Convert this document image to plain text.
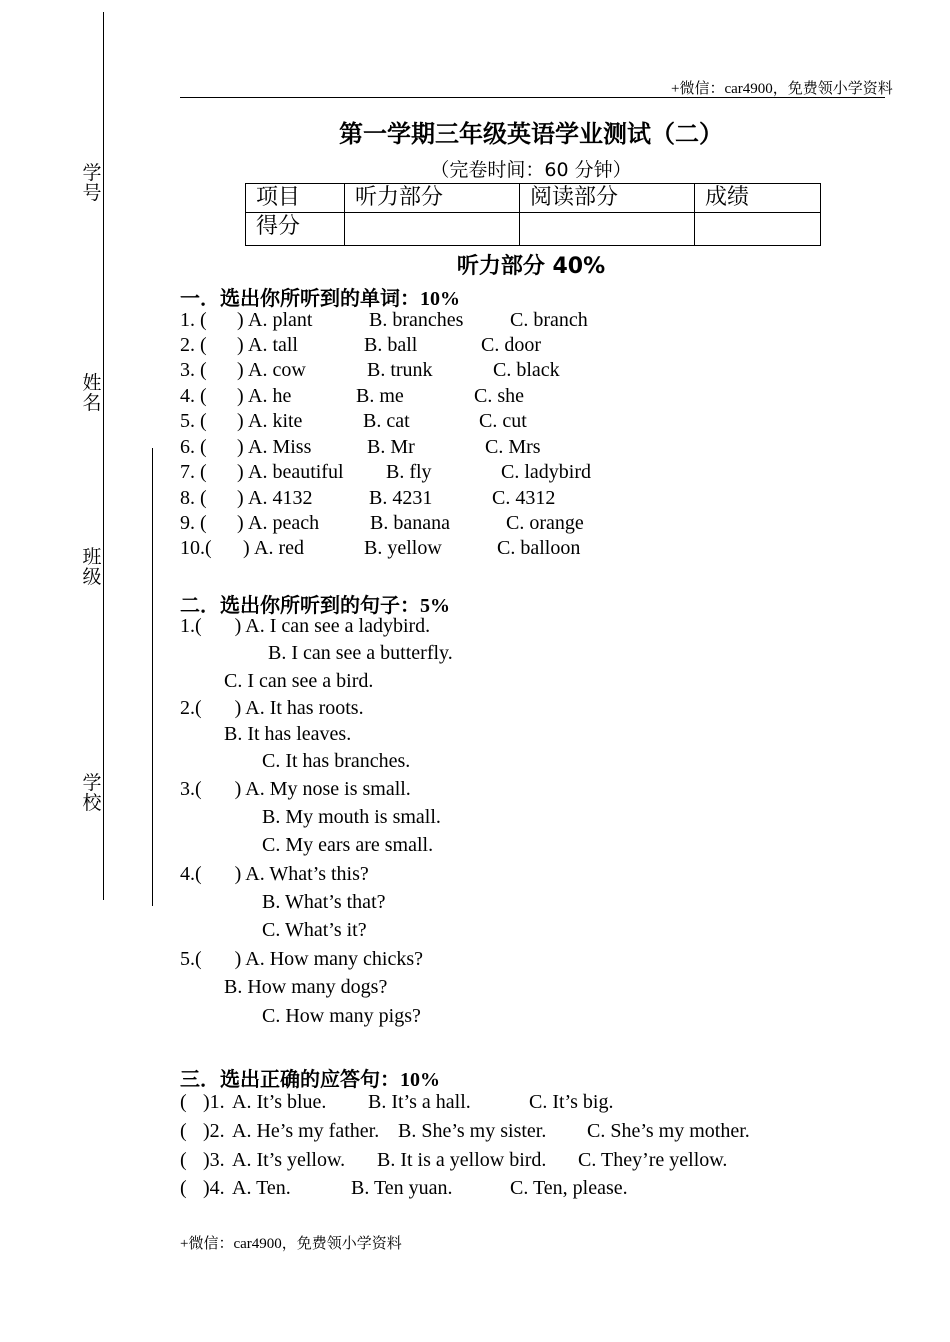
学号
姓名
班级
学校
+微信：car4900，免费领小学资料
第一学期三年级英语学业测试（二）
（完卷时间：60 分钟）
项目	听力部分	阅读部分	成绩
得分			
听力部分 40%
一．选出你所听到的单词：10%
1. ( ) A. plant	B. branches C. branch
2. ( ) A. tall	B. ball	C. door
3. ( ) A. cow	B. trunk	C. black
4. ( ) A. he	B. me	C. she
5. ( ) A. kite	B. cat	C. cut
6. ( ) A. Miss	B. Mr	C. Mrs
7. ( ) A. beautiful B. fly	C. ladybird
8. ( ) A. 4132	B. 4231	C. 4312
9. ( ) A. peach	B. banana	C. orange
10.( ) A. red	B. yellow	C. balloon
二．选出你所听到的句子：5%
1.( ) A. I can see a ladybird.
B. I can see a butterfly.
C. I can see a bird.
2.( ) A. It has roots.
B. It has leaves.
C. It has branches.
3.( ) A. My nose is small.
B. My mouth is small.
C. My ears are small.
4.( ) A. What’s this?
B. What’s that?
C. What’s it?
5.( ) A. How many chicks?
B. How many dogs?
C. How many pigs?
三．选出正确的应答句：10%
( )1. A. It’s blue. B. It’s a hall.	C. It’s big.
( )2. A. He’s my father. B. She’s my sister. C. She’s my mother.
( )3. A. It’s yellow. B. It is a yellow bird. C. They’re yellow.
( )4. A. Ten.	B. Ten yuan.	C. Ten, please.
+微信：car4900，免费领小学资料
